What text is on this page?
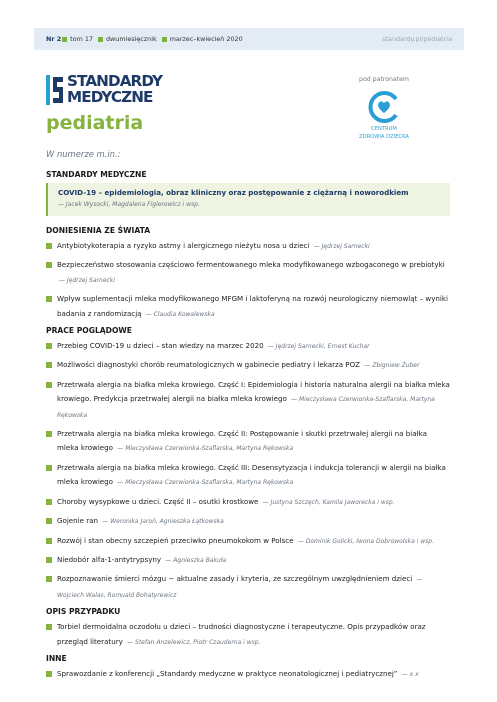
Nr 2 tom 17 dwumiesięcznik marzec–kwiecień 2020	standardy.pl/pediatria
STANDARDY
MEDYCZNE
pediatria
pod patronatem
CENTRUM
ZDROWIA DZIECKA
W numerze m.in.:
STANDARDY MEDYCZNE
COVID-19 – epidemiologia, obraz kliniczny oraz postępowanie z ciężarną i noworodkiem
— Jacek Wysocki, Magdalena Figlerowicz i wsp.
DONIESIENIA ZE ŚWIATA
Antybiotykoterapia a ryzyko astmy i alergicznego nieżytu nosa u dzieci — Jędrzej Sarnecki
Bezpieczeństwo stosowania częściowo fermentowanego mleka modyfikowanego wzbogaconego w prebiotyki — Jędrzej Sarnecki
Wpływ suplementacji mleka modyfikowanego MFGM i laktoferyną na rozwój neurologiczny niemowląt – wyniki badania z randomizacją — Claudia Kowalewska
PRACE POGLĄDOWE
Przebieg COVID-19 u dzieci – stan wiedzy na marzec 2020 — Jędrzej Sarnecki, Ernest Kuchar
Możliwości diagnostyki chorób reumatologicznych w gabinecie pediatry i lekarza POZ — Zbigniew Żuber
Przetrwała alergia na białka mleka krowiego. Część I: Epidemiologia i historia naturalna alergii na białka mleka krowiego. Predykcja przetrwałej alergii na białka mleka krowiego — Mieczysława Czerwionka-Szaflarska, Martyna Rękowska
Przetrwała alergia na białka mleka krowiego. Część II: Postępowanie i skutki przetrwałej alergii na białka mleka krowiego — Mieczysława Czerwionka-Szaflarska, Martyna Rękowska
Przetrwała alergia na białka mleka krowiego. Część III: Desensytyzacja i indukcja tolerancji w alergii na białka mleka krowiego — Mieczysława Czerwionka-Szaflarska, Martyna Rękowska
Choroby wysypkowe u dzieci. Część II – osutki krostkowe — Justyna Szczęch, Kamila Jaworecka i wsp.
Gojenie ran — Weronika Jaroń, Agnieszka Łątkowska
Rozwój i stan obecny szczepień przeciwko pneumokokom w Polsce — Dominik Golicki, Iwona Dobrowolska i wsp.
Niedobór alfa-1-antytrypsyny — Agnieszka Bakuła
Rozpoznawanie śmierci mózgu − aktualne zasady i kryteria, ze szczególnym uwzględnieniem dzieci — Wojciech Walas, Romuald Bohatyrewicz
OPIS PRZYPADKU
Torbiel dermoidalna oczodołu u dzieci – trudności diagnostyczne i terapeutyczne. Opis przypadków oraz przegląd literatury — Stefan Anzelewicz, Piotr Czauderna i wsp.
INNE
Sprawozdanie z konferencji „Standardy medyczne w praktyce neonatologicznej i pediatrycznej” — x x
